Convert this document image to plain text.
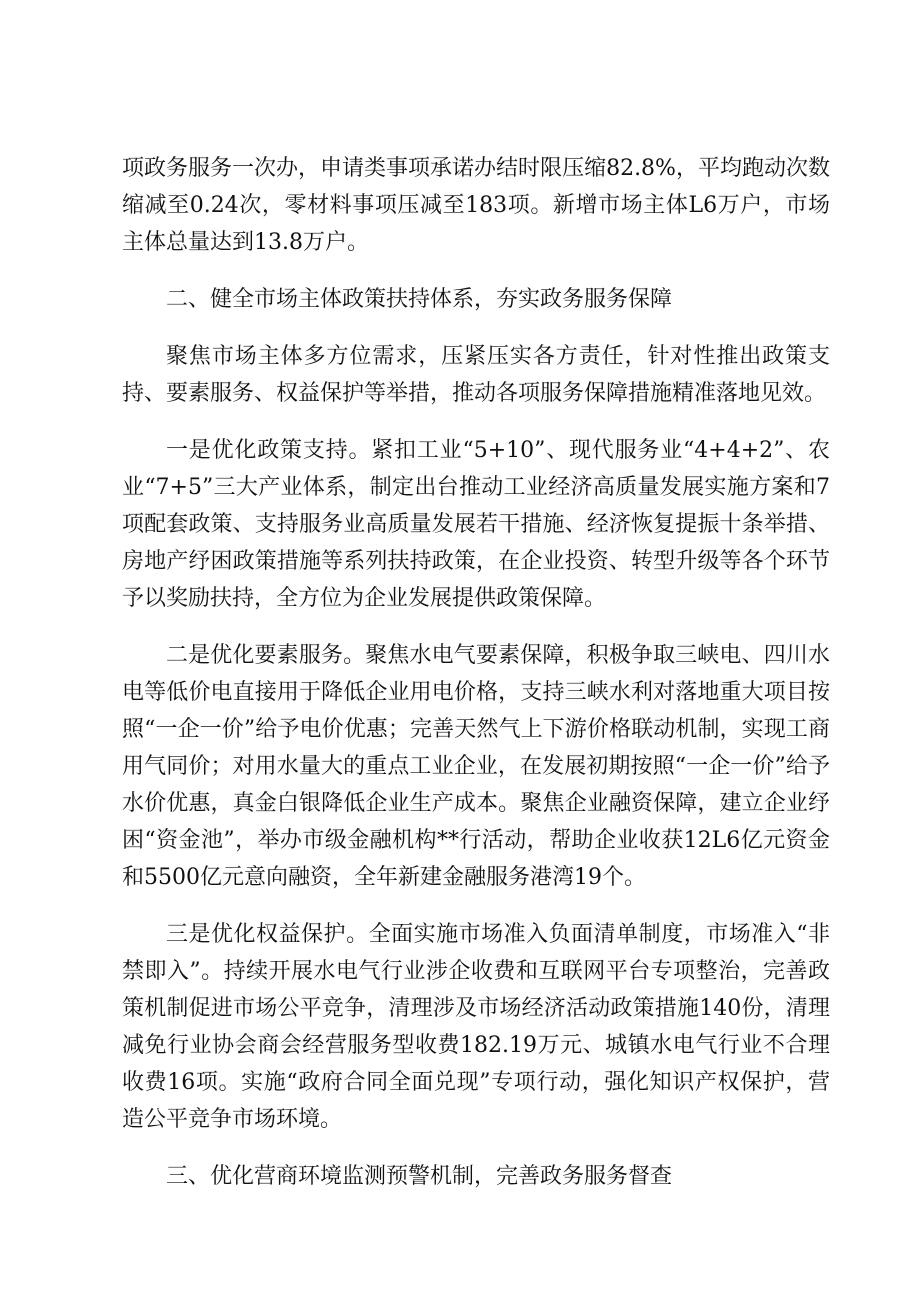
项政务服务一次办，申请类事项承诺办结时限压缩82.8%，平均跑动次数缩减至0.24次，零材料事项压减至183项。新增市场主体L6万户，市场主体总量达到13.8万户。

二、健全市场主体政策扶持体系，夯实政务服务保障

聚焦市场主体多方位需求，压紧压实各方责任，针对性推出政策支持、要素服务、权益保护等举措，推动各项服务保障措施精准落地见效。

一是优化政策支持。紧扣工业“5+10”、现代服务业“4+4+2”、农业“7+5”三大产业体系，制定出台推动工业经济高质量发展实施方案和7项配套政策、支持服务业高质量发展若干措施、经济恢复提振十条举措、房地产纾困政策措施等系列扶持政策，在企业投资、转型升级等各个环节予以奖励扶持，全方位为企业发展提供政策保障。

二是优化要素服务。聚焦水电气要素保障，积极争取三峡电、四川水电等低价电直接用于降低企业用电价格，支持三峡水利对落地重大项目按照“一企一价”给予电价优惠；完善天然气上下游价格联动机制，实现工商用气同价；对用水量大的重点工业企业，在发展初期按照“一企一价”给予水价优惠，真金白银降低企业生产成本。聚焦企业融资保障，建立企业纾困“资金池”，举办市级金融机构**行活动，帮助企业收获12L6亿元资金和5500亿元意向融资，全年新建金融服务港湾19个。

三是优化权益保护。全面实施市场准入负面清单制度，市场准入“非禁即入”。持续开展水电气行业涉企收费和互联网平台专项整治，完善政策机制促进市场公平竞争，清理涉及市场经济活动政策措施140份，清理减免行业协会商会经营服务型收费182.19万元、城镇水电气行业不合理收费16项。实施“政府合同全面兑现”专项行动，强化知识产权保护，营造公平竞争市场环境。

三、优化营商环境监测预警机制，完善政务服务督查
